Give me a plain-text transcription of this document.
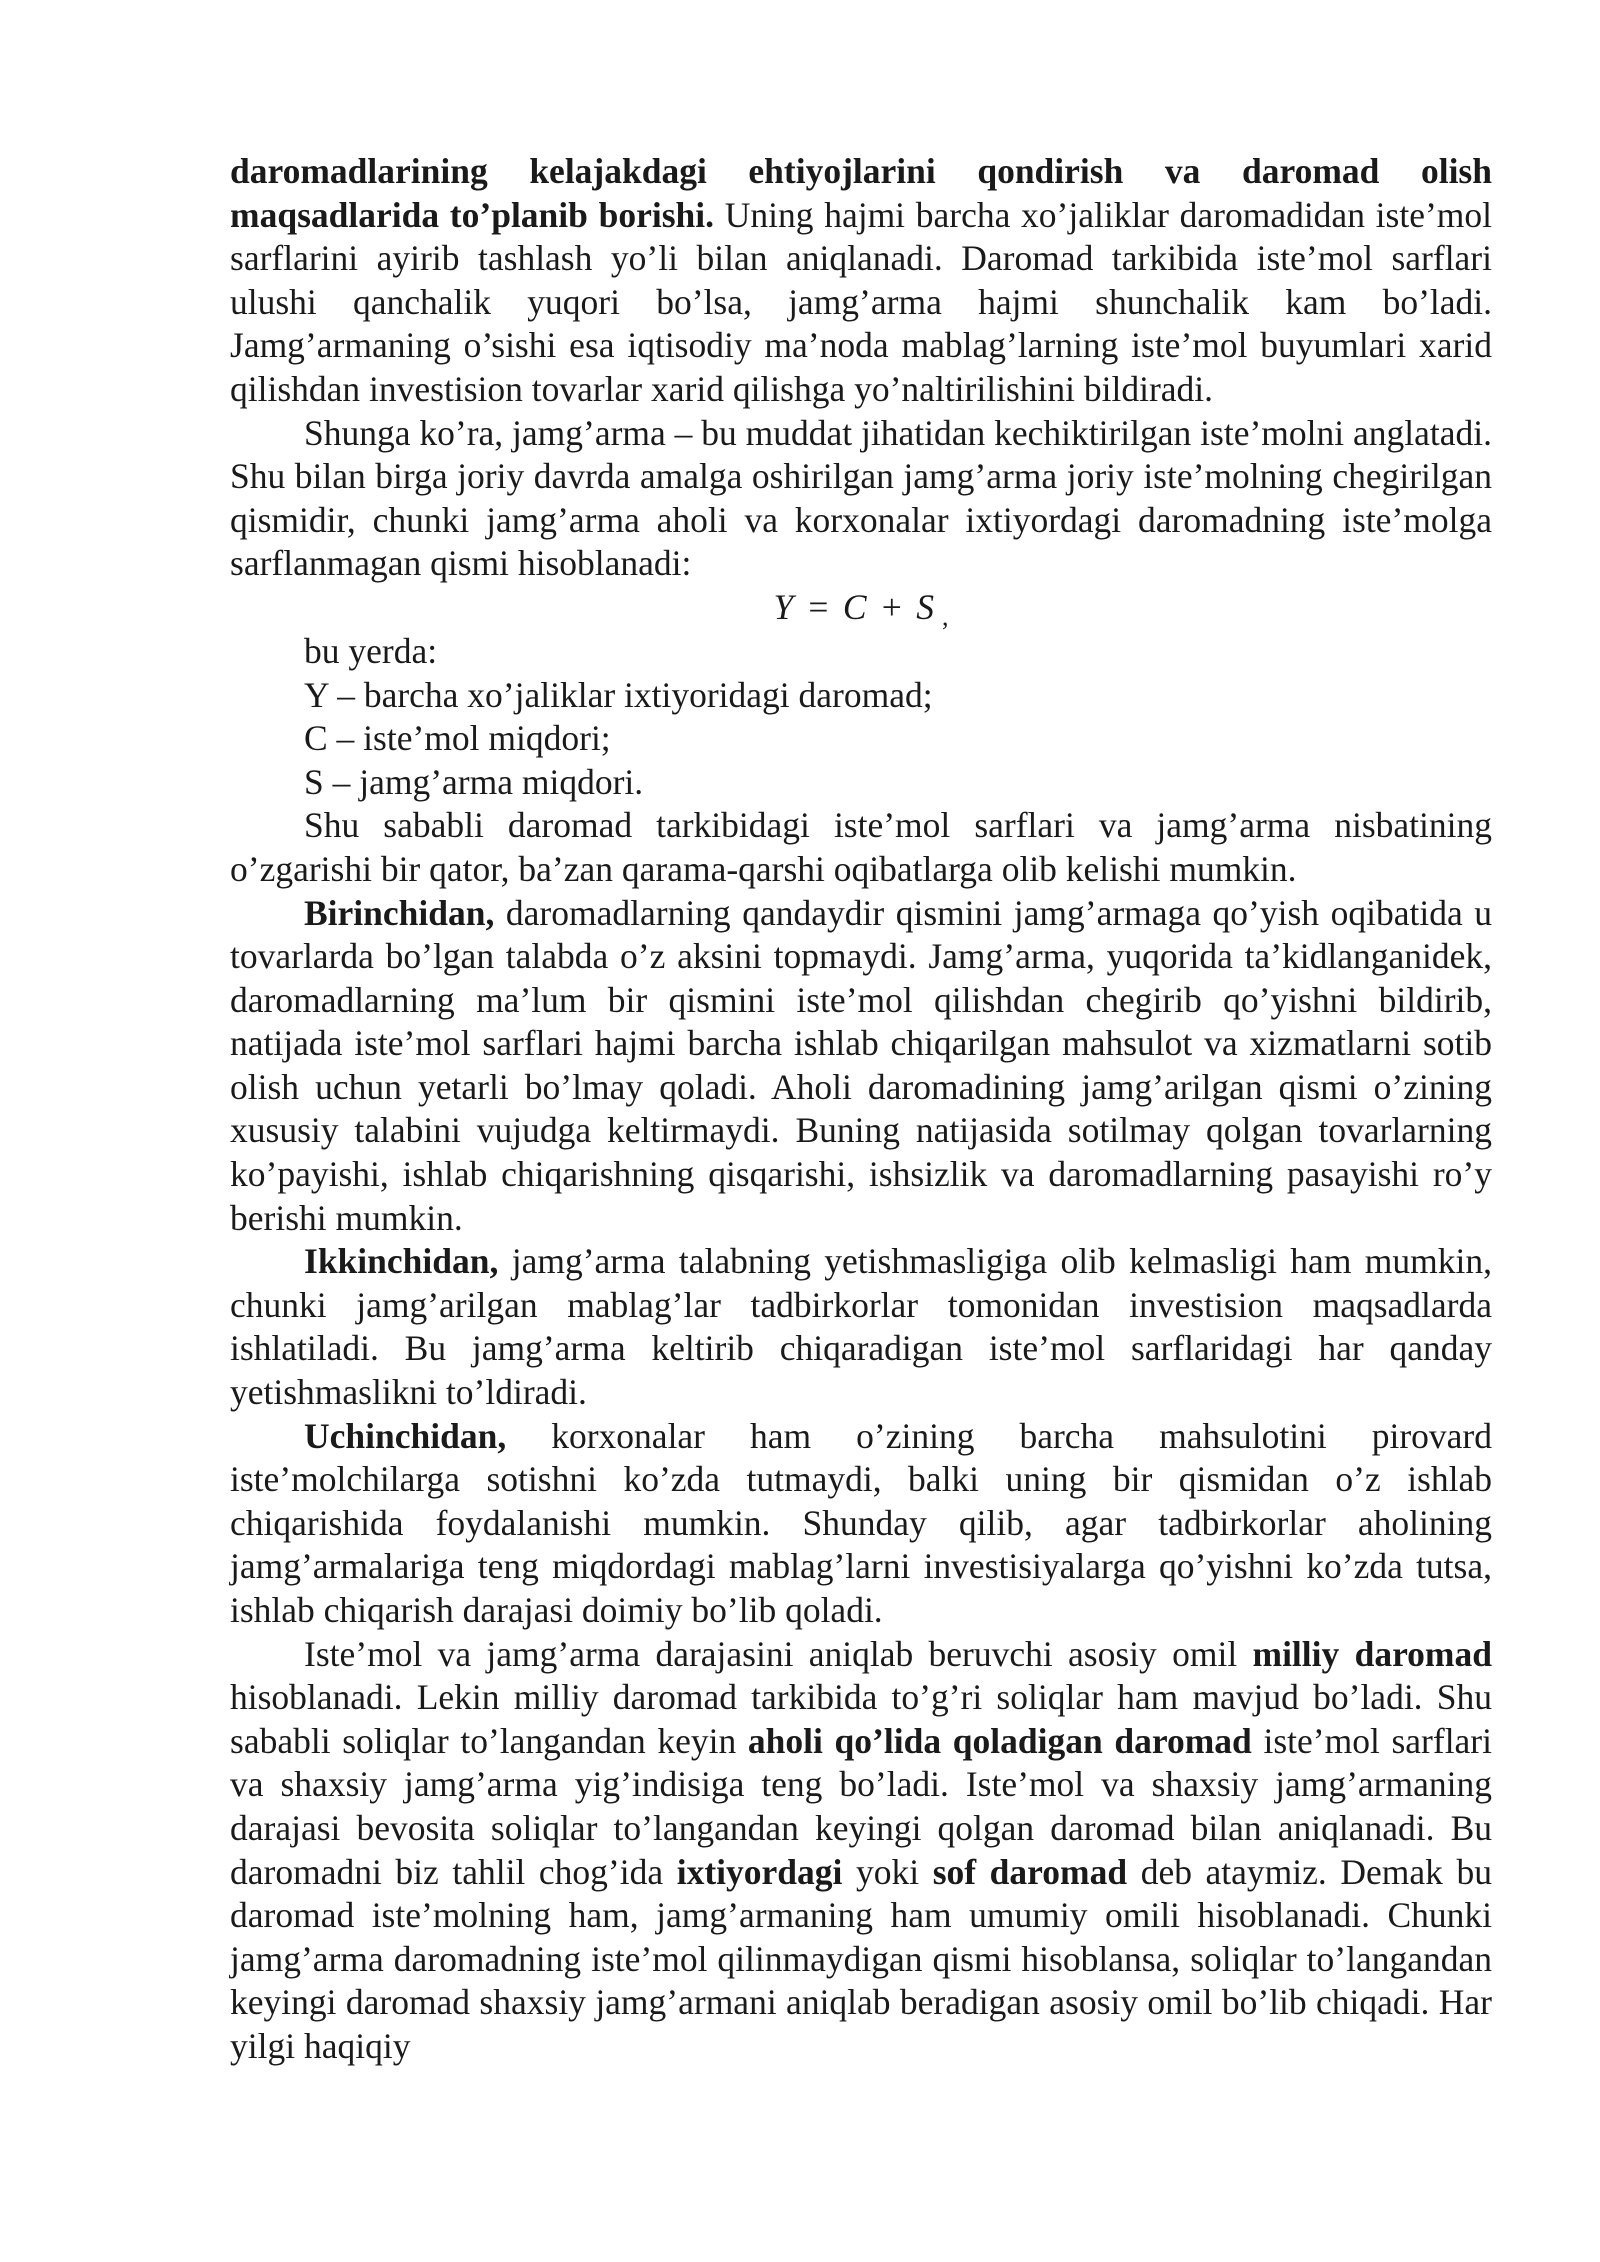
daromadlarining kelajakdagi ehtiyojlarini qondirish va daromad olish maqsadlarida to’planib borishi. Uning hajmi barcha xo’jaliklar daromadidan iste’mol sarflarini ayirib tashlash yo’li bilan aniqlanadi. Daromad tarkibida iste’mol sarflari ulushi qanchalik yuqori bo’lsa, jamg’arma hajmi shunchalik kam bo’ladi. Jamg’armaning o’sishi esa iqtisodiy ma’noda mablag’larning iste’mol buyumlari xarid qilishdan investision tovarlar xarid qilishga yo’naltirilishini bildiradi.

Shunga ko’ra, jamg’arma – bu muddat jihatidan kechiktirilgan iste’molni anglatadi. Shu bilan birga joriy davrda amalga oshirilgan jamg’arma joriy iste’molning chegirilgan qismidir, chunki jamg’arma aholi va korxonalar ixtiyordagi daromadning iste’molga sarflanmagan qismi hisoblanadi:

Y = C + S ,

bu yerda:

Y – barcha xo’jaliklar ixtiyoridagi daromad;

C – iste’mol miqdori;

S – jamg’arma miqdori.

Shu sababli daromad tarkibidagi iste’mol sarflari va jamg’arma nisbatining o’zgarishi bir qator, ba’zan qarama-qarshi oqibatlarga olib kelishi mumkin.

Birinchidan, daromadlarning qandaydir qismini jamg’armaga qo’yish oqibatida u tovarlarda bo’lgan talabda o’z aksini topmaydi. Jamg’arma, yuqorida ta’kidlanganidek, daromadlarning ma’lum bir qismini iste’mol qilishdan chegirib qo’yishni bildirib, natijada iste’mol sarflari hajmi barcha ishlab chiqarilgan mahsulot va xizmatlarni sotib olish uchun yetarli bo’lmay qoladi. Aholi daromadining jamg’arilgan qismi o’zining xususiy talabini vujudga keltirmaydi. Buning natijasida sotilmay qolgan tovarlarning ko’payishi, ishlab chiqarishning qisqarishi, ishsizlik va daromadlarning pasayishi ro’y berishi mumkin.

Ikkinchidan, jamg’arma talabning yetishmasligiga olib kelmasligi ham mumkin, chunki jamg’arilgan mablag’lar tadbirkorlar tomonidan investision maqsadlarda ishlatiladi. Bu jamg’arma keltirib chiqaradigan iste’mol sarflaridagi har qanday yetishmaslikni to’ldiradi.

Uchinchidan, korxonalar ham o’zining barcha mahsulotini pirovard iste’molchilarga sotishni ko’zda tutmaydi, balki uning bir qismidan o’z ishlab chiqarishida foydalanishi mumkin. Shunday qilib, agar tadbirkorlar aholining jamg’armalariga teng miqdordagi mablag’larni investisiyalarga qo’yishni ko’zda tutsa, ishlab chiqarish darajasi doimiy bo’lib qoladi.

Iste’mol va jamg’arma darajasini aniqlab beruvchi asosiy omil milliy daromad hisoblanadi. Lekin milliy daromad tarkibida to’g’ri soliqlar ham mavjud bo’ladi. Shu sababli soliqlar to’langandan keyin aholi qo’lida qoladigan daromad iste’mol sarflari va shaxsiy jamg’arma yig’indisiga teng bo’ladi. Iste’mol va shaxsiy jamg’armaning darajasi bevosita soliqlar to’langandan keyingi qolgan daromad bilan aniqlanadi. Bu daromadni biz tahlil chog’ida ixtiyordagi yoki sof daromad deb ataymiz. Demak bu daromad iste’molning ham, jamg’armaning ham umumiy omili hisoblanadi. Chunki jamg’arma daromadning iste’mol qilinmaydigan qismi hisoblansa, soliqlar to’langandan keyingi daromad shaxsiy jamg’armani aniqlab beradigan asosiy omil bo’lib chiqadi. Har yilgi haqiqiy
